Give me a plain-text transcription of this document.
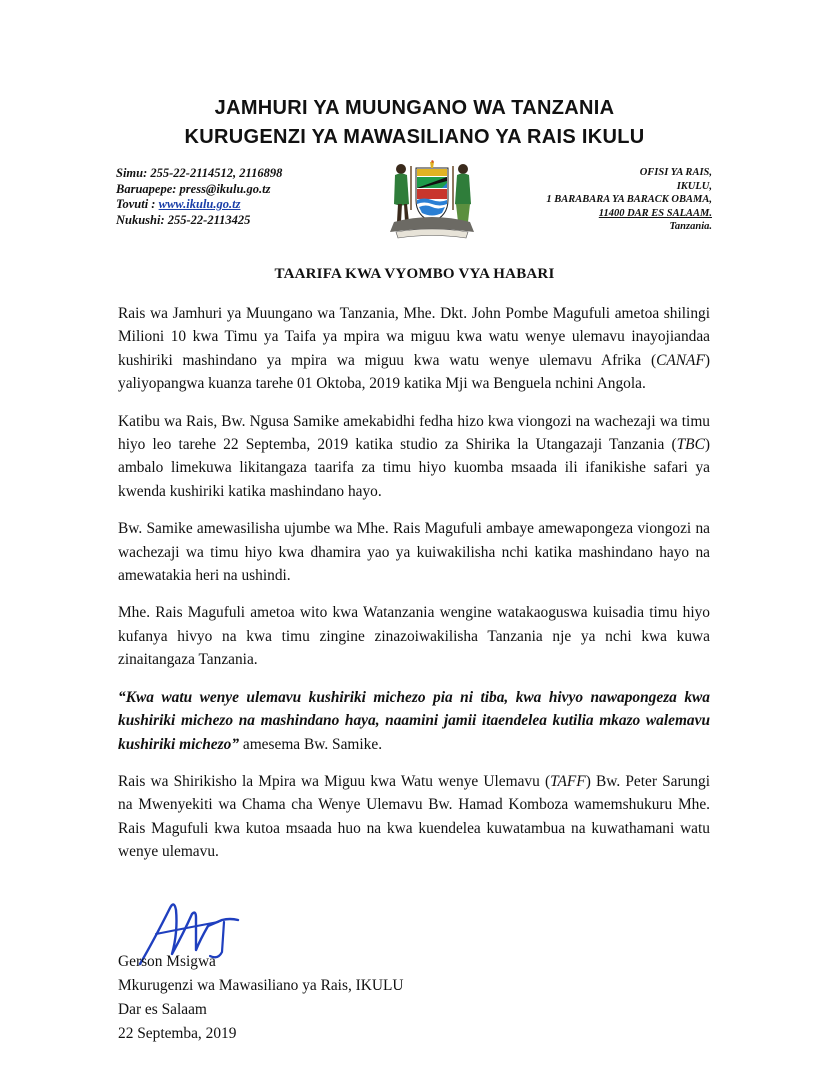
JAMHURI YA MUUNGANO WA TANZANIA
KURUGENZI YA MAWASILIANO YA RAIS IKULU
Simu: 255-22-2114512, 2116898
Baruapepe: press@ikulu.go.tz
Tovuti : www.ikulu.go.tz
Nukushi: 255-22-2113425
OFISI YA RAIS,
IKULU,
1 BARABARA YA BARACK OBAMA,
11400 DAR ES SALAAM.
Tanzania.
TAARIFA KWA VYOMBO VYA HABARI

Rais wa Jamhuri ya Muungano wa Tanzania, Mhe. Dkt. John Pombe Magufuli ametoa shilingi Milioni 10 kwa Timu ya Taifa ya mpira wa miguu kwa watu wenye ulemavu inayojiandaa kushiriki mashindano ya mpira wa miguu kwa watu wenye ulemavu Afrika (CANAF) yaliyopangwa kuanza tarehe 01 Oktoba, 2019 katika Mji wa Benguela nchini Angola.

Katibu wa Rais, Bw. Ngusa Samike amekabidhi fedha hizo kwa viongozi na wachezaji wa timu hiyo leo tarehe 22 Septemba, 2019 katika studio za Shirika la Utangazaji Tanzania (TBC) ambalo limekuwa likitangaza taarifa za timu hiyo kuomba msaada ili ifanikishe safari ya kwenda kushiriki katika mashindano hayo.

Bw. Samike amewasilisha ujumbe wa Mhe. Rais Magufuli ambaye amewapongeza viongozi na wachezaji wa timu hiyo kwa dhamira yao ya kuiwakilisha nchi katika mashindano hayo na amewatakia heri na ushindi.

Mhe. Rais Magufuli ametoa wito kwa Watanzania wengine watakaoguswa kuisadia timu hiyo kufanya hivyo na kwa timu zingine zinazoiwakilisha Tanzania nje ya nchi kwa kuwa zinaitangaza Tanzania.

“Kwa watu wenye ulemavu kushiriki michezo pia ni tiba, kwa hivyo nawapongeza kwa kushiriki michezo na mashindano haya, naamini jamii itaendelea kutilia mkazo walemavu kushiriki michezo” amesema Bw. Samike.

Rais wa Shirikisho la Mpira wa Miguu kwa Watu wenye Ulemavu (TAFF) Bw. Peter Sarungi na Mwenyekiti wa Chama cha Wenye Ulemavu Bw. Hamad Komboza wamemshukuru Mhe. Rais Magufuli kwa kutoa msaada huo na kwa kuendelea kuwatambua na kuwathamani watu wenye ulemavu.

Gerson Msigwa
Mkurugenzi wa Mawasiliano ya Rais, IKULU
Dar es Salaam
22 Septemba, 2019
